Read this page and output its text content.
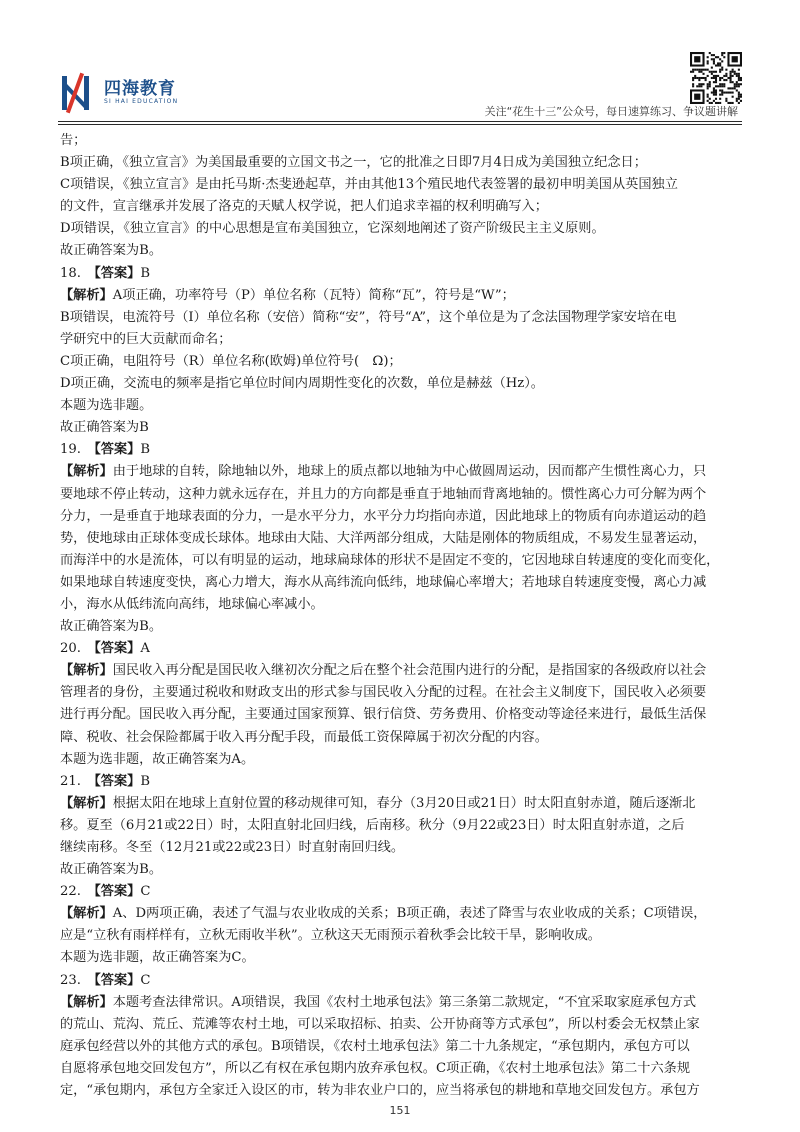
四海教育
SI HAI EDUCATION
关注“花生十三”公众号，每日速算练习、争议题讲解
告；
B项正确，《独立宣言》为美国最重要的立国文书之一，它的批准之日即7月4日成为美国独立纪念日；
C项错误，《独立宣言》是由托马斯·杰斐逊起草，并由其他13个殖民地代表签署的最初申明美国从英国独立
的文件，宣言继承并发展了洛克的天赋人权学说，把人们追求幸福的权利明确写入；
D项错误，《独立宣言》的中心思想是宣布美国独立，它深刻地阐述了资产阶级民主主义原则。
故正确答案为B。
18.　【答案】B
【解析】A项正确，功率符号（P）单位名称（瓦特）简称“瓦”，符号是“W”；
B项错误，电流符号（I）单位名称（安倍）简称“安”，符号“A”，这个单位是为了念法国物理学家安培在电
学研究中的巨大贡献而命名；
C项正确，电阻符号（R）单位名称(欧姆)单位符号(　Ω)；
D项正确，交流电的频率是指它单位时间内周期性变化的次数，单位是赫兹（Hz）。
本题为选非题。
故正确答案为B
19.　【答案】B
【解析】由于地球的自转，除地轴以外，地球上的质点都以地轴为中心做圆周运动，因而都产生惯性离心力，只
要地球不停止转动，这种力就永远存在，并且力的方向都是垂直于地轴而背离地轴的。惯性离心力可分解为两个
分力，一是垂直于地球表面的分力，一是水平分力，水平分力均指向赤道，因此地球上的物质有向赤道运动的趋
势，使地球由正球体变成长球体。地球由大陆、大洋两部分组成，大陆是刚体的物质组成，不易发生显著运动，
而海洋中的水是流体，可以有明显的运动，地球扁球体的形状不是固定不变的，它因地球自转速度的变化而变化，
如果地球自转速度变快，离心力增大，海水从高纬流向低纬，地球偏心率增大；若地球自转速度变慢，离心力减
小，海水从低纬流向高纬，地球偏心率减小。
故正确答案为B。
20.　【答案】A
【解析】国民收入再分配是国民收入继初次分配之后在整个社会范围内进行的分配，是指国家的各级政府以社会
管理者的身份，主要通过税收和财政支出的形式参与国民收入分配的过程。在社会主义制度下，国民收入必须要
进行再分配。国民收入再分配，主要通过国家预算、银行信贷、劳务费用、价格变动等途径来进行，最低生活保
障、税收、社会保险都属于收入再分配手段，而最低工资保障属于初次分配的内容。
本题为选非题，故正确答案为A。
21.　【答案】B
【解析】根据太阳在地球上直射位置的移动规律可知，春分（3月20日或21日）时太阳直射赤道，随后逐渐北
移。夏至（6月21或22日）时，太阳直射北回归线，后南移。秋分（9月22或23日）时太阳直射赤道，之后
继续南移。冬至（12月21或22或23日）时直射南回归线。
故正确答案为B。
22.　【答案】C
【解析】A、D两项正确，表述了气温与农业收成的关系；B项正确，表述了降雪与农业收成的关系；C项错误，
应是“立秋有雨样样有，立秋无雨收半秋”。立秋这天无雨预示着秋季会比较干旱，影响收成。
本题为选非题，故正确答案为C。
23.　【答案】C
【解析】本题考查法律常识。A项错误，我国《农村土地承包法》第三条第二款规定，“不宜采取家庭承包方式
的荒山、荒沟、荒丘、荒滩等农村土地，可以采取招标、拍卖、公开协商等方式承包”，所以村委会无权禁止家
庭承包经营以外的其他方式的承包。B项错误，《农村土地承包法》第二十九条规定，“承包期内，承包方可以
自愿将承包地交回发包方”，所以乙有权在承包期内放弃承包权。C项正确，《农村土地承包法》第二十六条规
定，“承包期内，承包方全家迁入设区的市，转为非农业户口的，应当将承包的耕地和草地交回发包方。承包方
151
